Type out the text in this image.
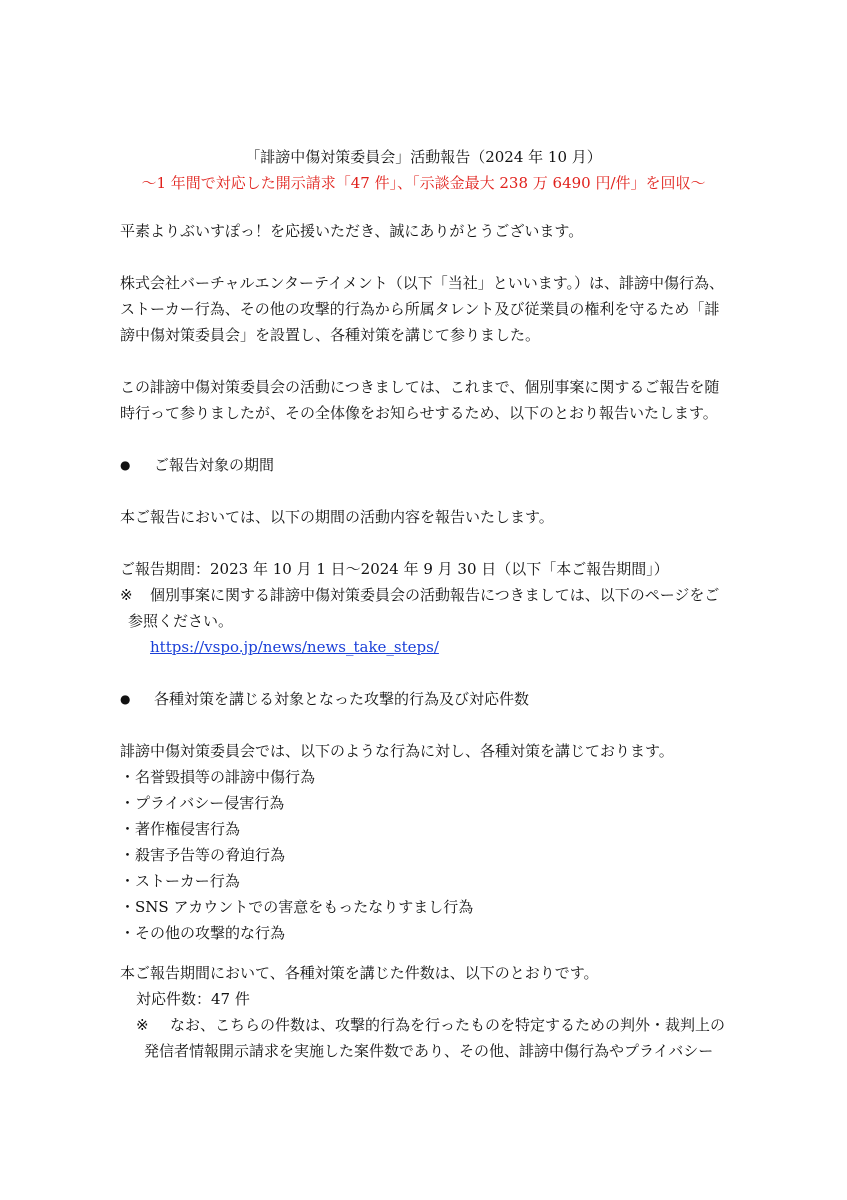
「誹謗中傷対策委員会」活動報告（2024 年 10 月）
〜1 年間で対応した開示請求「47 件」、「示談金最大 238 万 6490 円/件」を回収〜

平素よりぶいすぽっ！を応援いただき、誠にありがとうございます。

株式会社バーチャルエンターテイメント（以下「当社」といいます。）は、誹謗中傷行為、

ストーカー行為、その他の攻撃的行為から所属タレント及び従業員の権利を守るため「誹

謗中傷対策委員会」を設置し、各種対策を講じて参りました。

この誹謗中傷対策委員会の活動につきましては、これまで、個別事案に関するご報告を随

時行って参りましたが、その全体像をお知らせするため、以下のとおり報告いたします。

●	ご報告対象の期間

本ご報告においては、以下の期間の活動内容を報告いたします。

ご報告期間：2023 年 10 月 1 日〜2024 年 9 月 30 日（以下「本ご報告期間」）

※ 個別事案に関する誹謗中傷対策委員会の活動報告につきましては、以下のページをご

参照ください。

https://vspo.jp/news/news_take_steps/

●	各種対策を講じる対象となった攻撃的行為及び対応件数

誹謗中傷対策委員会では、以下のような行為に対し、各種対策を講じております。

・名誉毀損等の誹謗中傷行為

・プライバシー侵害行為

・著作権侵害行為

・殺害予告等の脅迫行為

・ストーカー行為

・SNS アカウントでの害意をもったなりすまし行為

・その他の攻撃的な行為

本ご報告期間において、各種対策を講じた件数は、以下のとおりです。

対応件数：47 件

※ なお、こちらの件数は、攻撃的行為を行ったものを特定するための判外・裁判上の

発信者情報開示請求を実施した案件数であり、その他、誹謗中傷行為やプライバシー
